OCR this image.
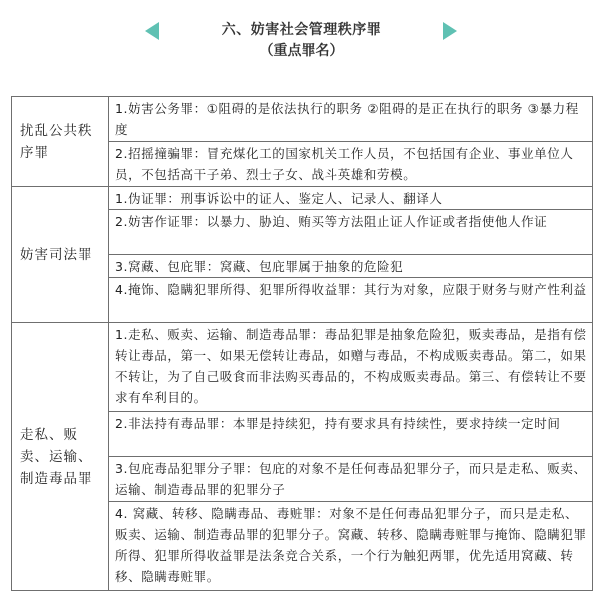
六、妨害社会管理秩序罪
（重点罪名）
扰乱公共秩序罪	1.妨害公务罪：①阻碍的是依法执行的职务 ②阻碍的是正在执行的职务 ③暴力程度
	2.招摇撞骗罪：冒充煤化工的国家机关工作人员，不包括国有企业、事业单位人员，不包括高干子弟、烈士子女、战斗英雄和劳模。

妨害司法罪	1.伪证罪：刑事诉讼中的证人、鉴定人、记录人、翻译人
	2.妨害作证罪：以暴力、胁迫、贿买等方法阻止证人作证或者指使他人作证
	3.窝藏、包庇罪：窝藏、包庇罪属于抽象的危险犯
	4.掩饰、隐瞒犯罪所得、犯罪所得收益罪：其行为对象，应限于财务与财产性利益

走私、贩卖、运输、制造毒品罪	1.走私、贩卖、运输、制造毒品罪：毒品犯罪是抽象危险犯，贩卖毒品，是指有偿转让毒品，第一、如果无偿转让毒品，如赠与毒品，不构成贩卖毒品。第二，如果不转让，为了自己吸食而非法购买毒品的，不构成贩卖毒品。第三、有偿转让不要求有牟利目的。
	2.非法持有毒品罪：本罪是持续犯，持有要求具有持续性，要求持续一定时间
	3.包庇毒品犯罪分子罪：包庇的对象不是任何毒品犯罪分子，而只是走私、贩卖、运输、制造毒品罪的犯罪分子
	4. 窝藏、转移、隐瞒毒品、毒赃罪：对象不是任何毒品犯罪分子，而只是走私、贩卖、运输、制造毒品罪的犯罪分子。窝藏、转移、隐瞒毒赃罪与掩饰、隐瞒犯罪所得、犯罪所得收益罪是法条竞合关系，一个行为触犯两罪，优先适用窝藏、转移、隐瞒毒赃罪。
